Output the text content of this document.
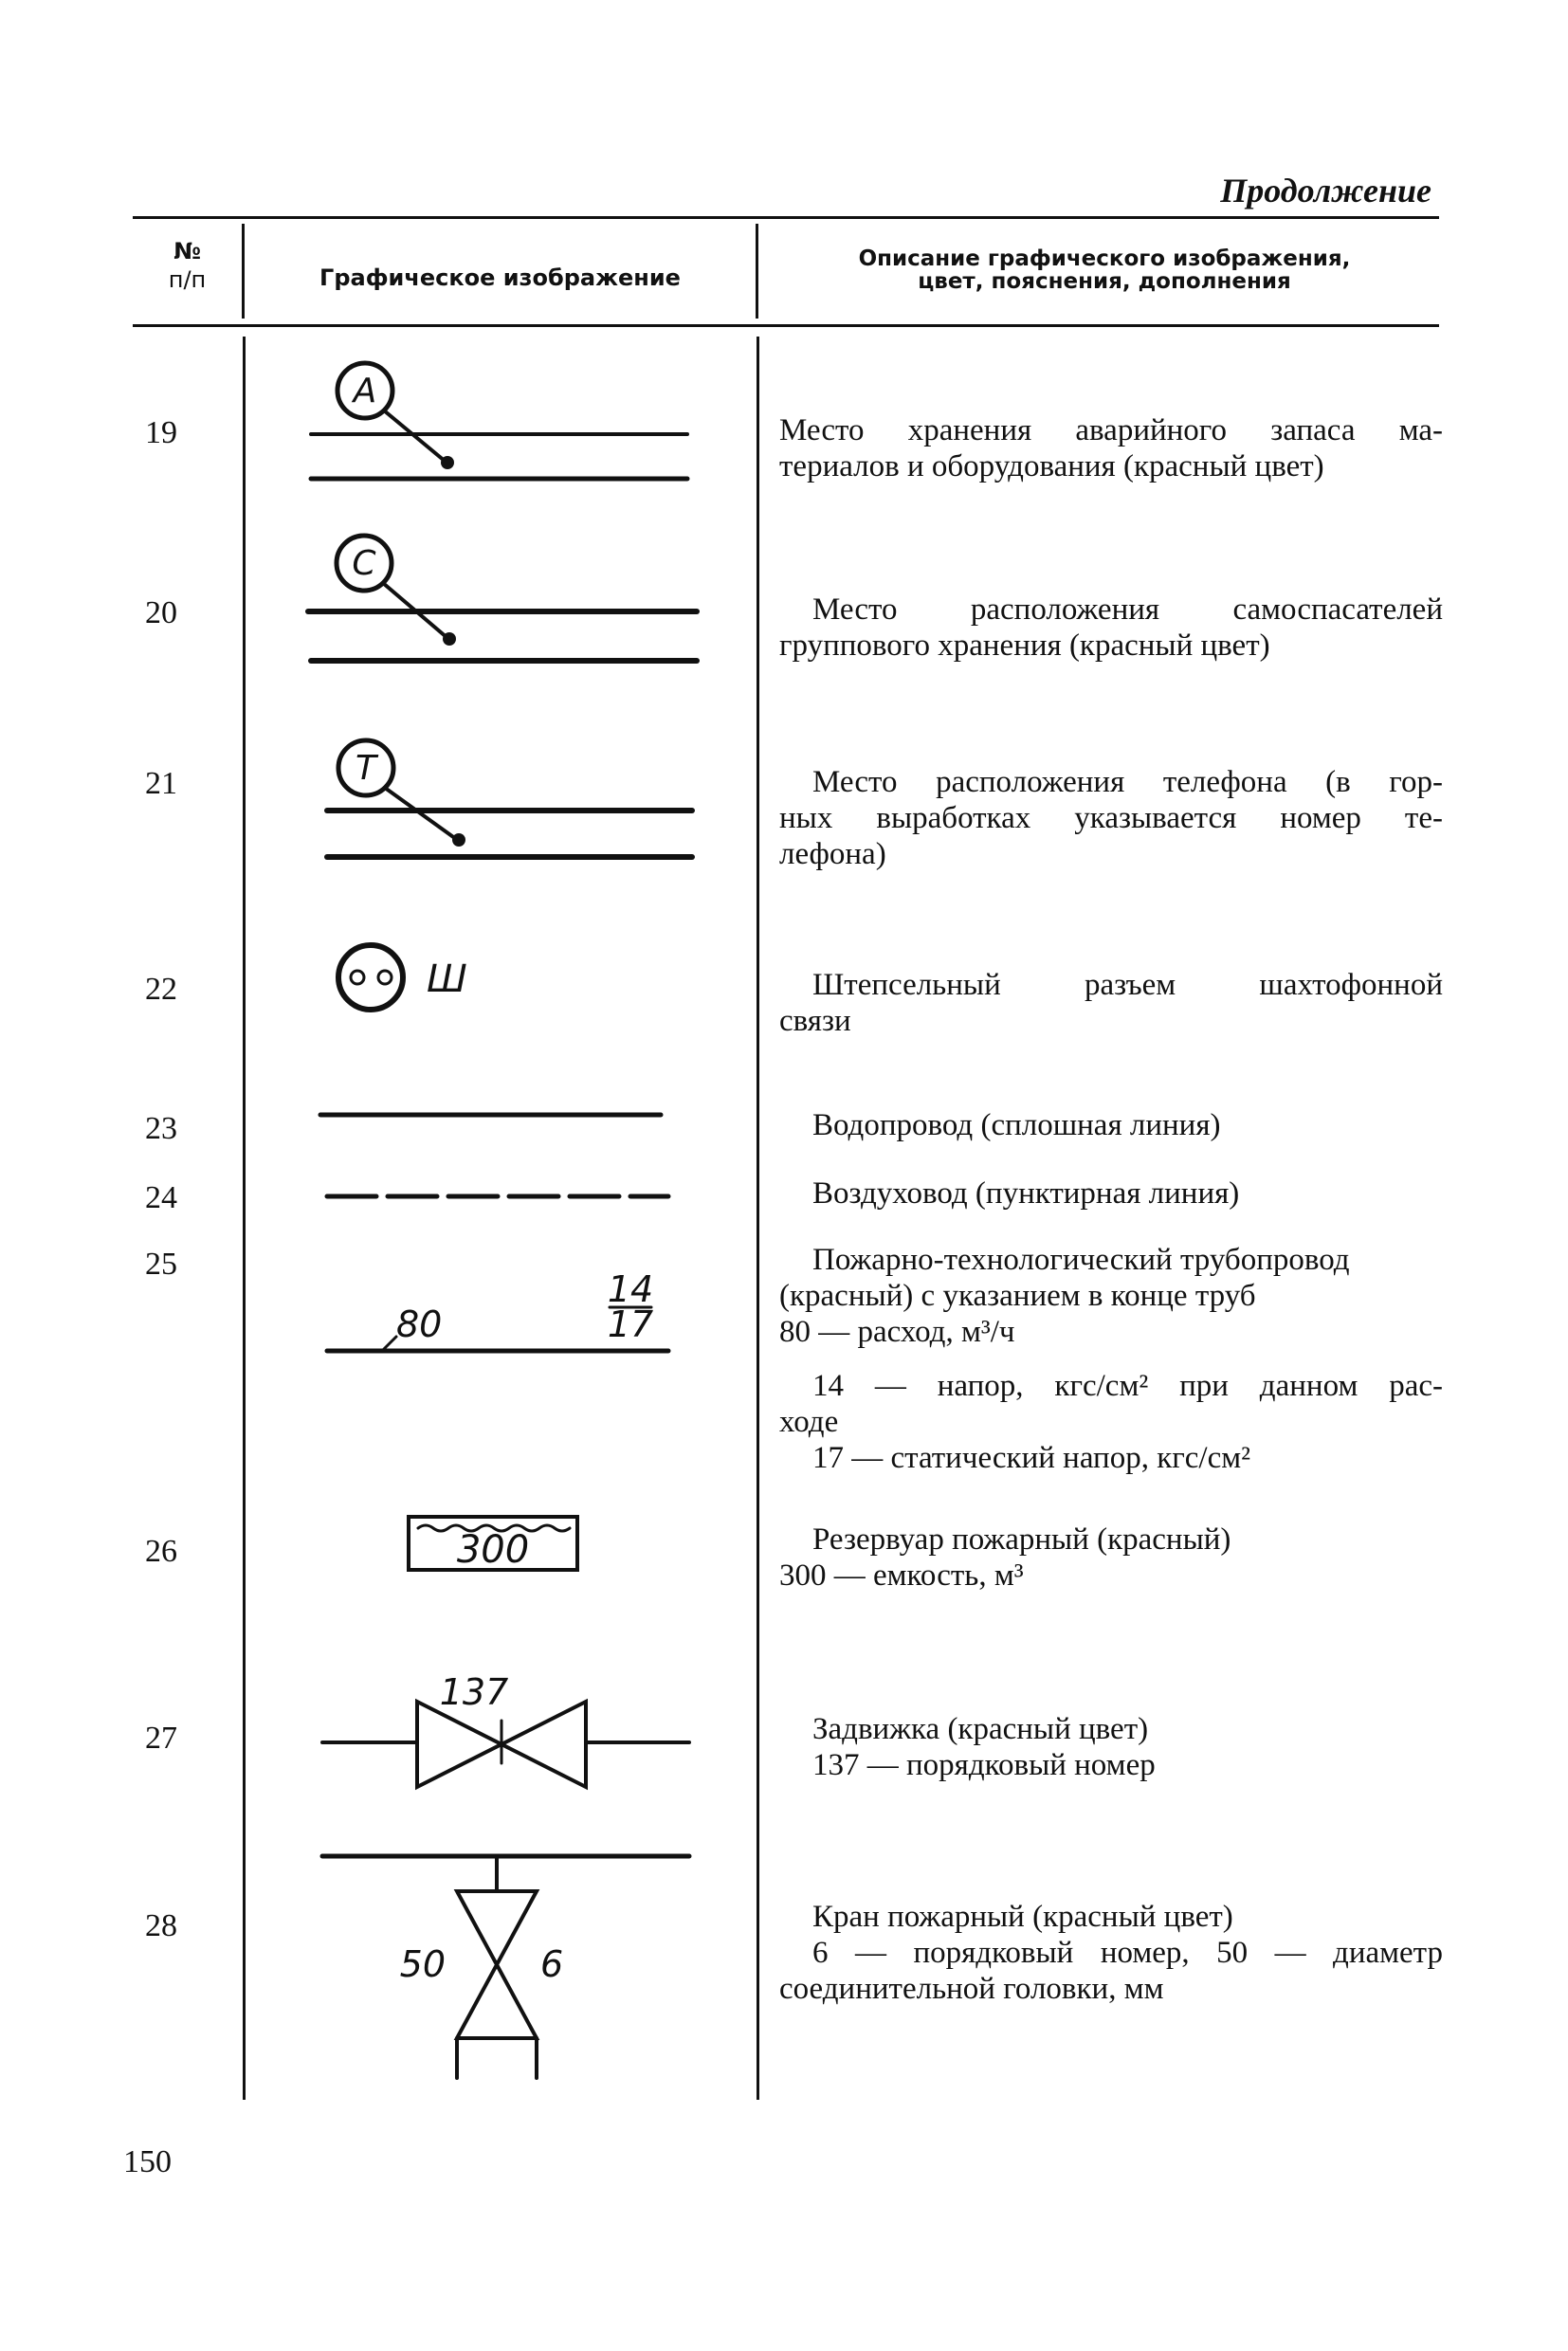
Продолжение
№
п/п	Графическое изображение
Описание графического изображения,
цвет, пояснения, дополнения
19
20
21
22
23
24
25
26
27
28
Место хранения аварийного запаса ма-
териалов и оборудования (красный цвет)
Место расположения самоспасателей
группового хранения (красный цвет)
Место расположения телефона (в гор-
ных выработках указывается номер те-
лефона)
Штепсельный разъем шахтофонной
связи
Водопровод (сплошная линия)
Воздуховод (пунктирная линия)
Пожарно-технологический трубопровод
(красный) с указанием в конце труб
80 — расход, м³/ч
14 — напор, кгс/см² при данном рас-
ходе
17 — статический напор, кгс/см²
Резервуар пожарный (красный)
300 — емкость, м³
Задвижка (красный цвет)
137 — порядковый номер
Кран пожарный (красный цвет)
6 — порядковый номер, 50 — диаметр
соединительной головки, мм
А
С
Т
Ш
80
14
17
300
137
50	6
150
